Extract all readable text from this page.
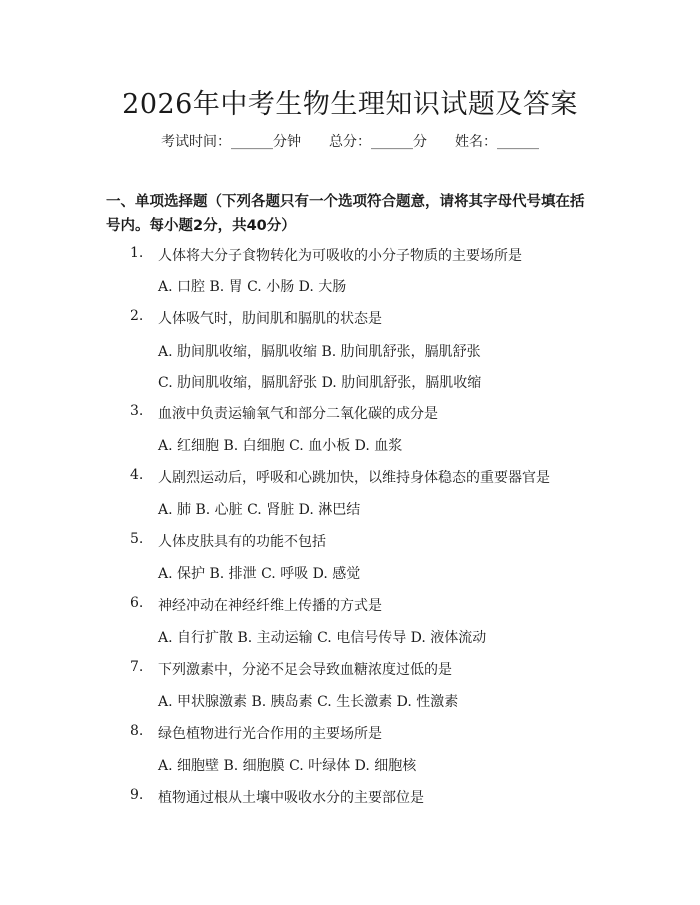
2026年中考生物生理知识试题及答案
考试时间：______分钟 总分：______分 姓名：______
一、单项选择题（下列各题只有一个选项符合题意，请将其字母代号填在括号内。每小题2分，共40分）
1.	人体将大分子食物转化为可吸收的小分子物质的主要场所是
A. 口腔 B. 胃 C. 小肠 D. 大肠
2.	人体吸气时，肋间肌和膈肌的状态是
A. 肋间肌收缩，膈肌收缩 B. 肋间肌舒张，膈肌舒张
C. 肋间肌收缩，膈肌舒张 D. 肋间肌舒张，膈肌收缩
3.	血液中负责运输氧气和部分二氧化碳的成分是
A. 红细胞 B. 白细胞 C. 血小板 D. 血浆
4.	人剧烈运动后，呼吸和心跳加快，以维持身体稳态的重要器官是
A. 肺 B. 心脏 C. 肾脏 D. 淋巴结
5.	人体皮肤具有的功能不包括
A. 保护 B. 排泄 C. 呼吸 D. 感觉
6.	神经冲动在神经纤维上传播的方式是
A. 自行扩散 B. 主动运输 C. 电信号传导 D. 液体流动
7.	下列激素中，分泌不足会导致血糖浓度过低的是
A. 甲状腺激素 B. 胰岛素 C. 生长激素 D. 性激素
8.	绿色植物进行光合作用的主要场所是
A. 细胞壁 B. 细胞膜 C. 叶绿体 D. 细胞核
9.	植物通过根从土壤中吸收水分的主要部位是
